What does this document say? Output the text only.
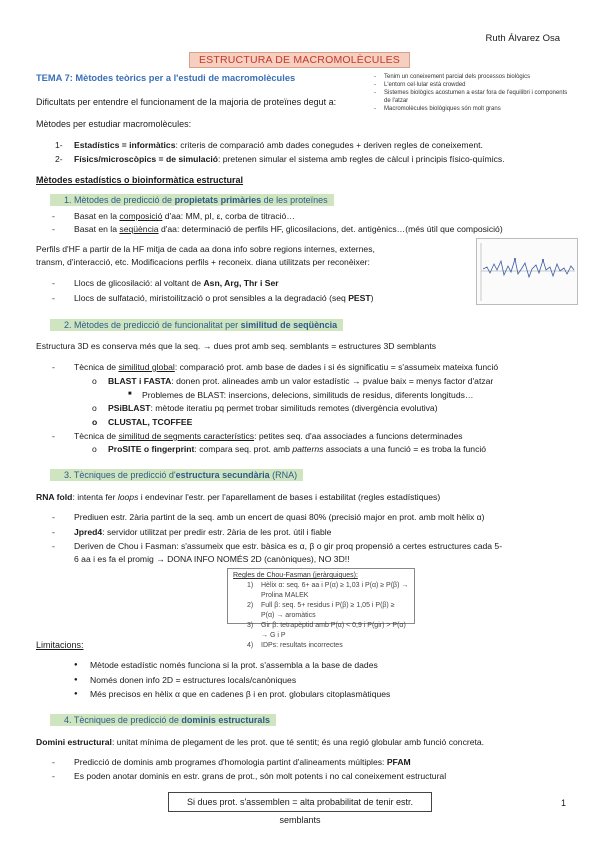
Ruth Álvarez Osa
ESTRUCTURA DE MACROMOLÈCULES
TEMA 7: Mètodes teòrics per a l'estudi de macromolècules
-	Tenim un coneixement parcial dels processos biològics
- L'entorn cel·lular està crowded
- Sistemes biològics acostumen a estar fora de l'equilibri i components de l'atzar
- Macromolècules biològiques són molt grans
Dificultats per entendre el funcionament de la majoria de proteïnes degut a:
Mètodes per estudiar macromolècules:
1- Estadístics = informàtics: criteris de comparació amb dades conegudes + deriven regles de coneixement.
2- Físics/microscòpics = de simulació: pretenen simular el sistema amb regles de càlcul i principis físico-químics.
Mètodes estadístics o bioinformàtica estructural
1. Mètodes de predicció de propietats primàries de les proteïnes
- Basat en la composició d'aa: MM, pI, ε, corba de titració…
- Basat en la seqüència d'aa: determinació de perfils HF, glicosilacions, det. antigènics…(més útil que composició)
Perfils d'HF a partir de la HF mitja de cada aa dona info sobre regions internes, externes,
transm, d'interacció, etc. Modificacions perfils + reconeix. diana utilitzats per reconèixer:
- Llocs de glicosilació: al voltant de Asn, Arg, Thr i Ser
- Llocs de sulfatació, miristoilització o prot sensibles a la degradació (seq PEST)
2. Mètodes de predicció de funcionalitat per similitud de seqüència
Estructura 3D es conserva més que la seq. → dues prot amb seq. semblants = estructures 3D semblants
- Tècnica de similitud global: comparació prot. amb base de dades i si és significatiu = s'assumeix mateixa funció
o BLAST i FASTA: donen prot. alineades amb un valor estadístic → pvalue baix = menys factor d'atzar
■ Problemes de BLAST: insercions, delecions, similituds de residus, diferents longituds…
o PSiBLAST: mètode iteratiu pq permet trobar similituds remotes (divergència evolutiva)
o CLUSTAL, TCOFFEE
- Tècnica de similitud de segments característics: petites seq. d'aa associades a funcions determinades
o ProSITE o fingerprint: compara seq. prot. amb patterns associats a una funció = es troba la funció
3. Tècniques de predicció d'estructura secundària (RNA)
RNA fold: intenta fer loops i endevinar l'estr. per l'aparellament de bases i estabilitat (regles estadístiques)
- Prediuen estr. 2ària partint de la seq. amb un encert de quasi 80% (precisió major en prot. amb molt hèlix α)
- Jpred4: servidor utilitzat per predir estr. 2ària de les prot. útil i fiable
- Deriven de Chou i Fasman: s'assumeix que estr. bàsica es α, β o gir proq propensió a certes estructures cada 5-
6 aa i es fa el promig → DONA INFO NOMÉS 2D (canòniques), NO 3D!!
Regles de Chou-Fasman (jeràrquiques):
1) Hèlix α: seq. 6+ aa i P(α) ≥ 1,03 i P(α) ≥ P(β) → Prolina MALEK
2) Full β: seq. 5+ residus i P(β) ≥ 1,05 i P(β) ≥ P(α) → aromàtics
3) Gir β: tetrapèptid amb P(α) < 0,9 i P(gir) > P(α) → G i P
4) IDPs: resultats incorrectes
Limitacions:
● Mètode estadístic només funciona si la prot. s'assembla a la base de dades
● Només donen info 2D = estructures locals/canòniques
● Més precisos en hèlix α que en cadenes β i en prot. globulars citoplasmàtiques
4. Tècniques de predicció de dominis estructurals
Domini estructural: unitat mínima de plegament de les prot. que té sentit; és una regió globular amb funció concreta.
- Predicció de dominis amb programes d'homologia partint d'alineaments múltiples: PFAM
- Es poden anotar dominis en estr. grans de prot., són molt potents i no cal coneixement estructural
Si dues prot. s'assemblen = alta probabilitat de tenir estr. semblants
1
